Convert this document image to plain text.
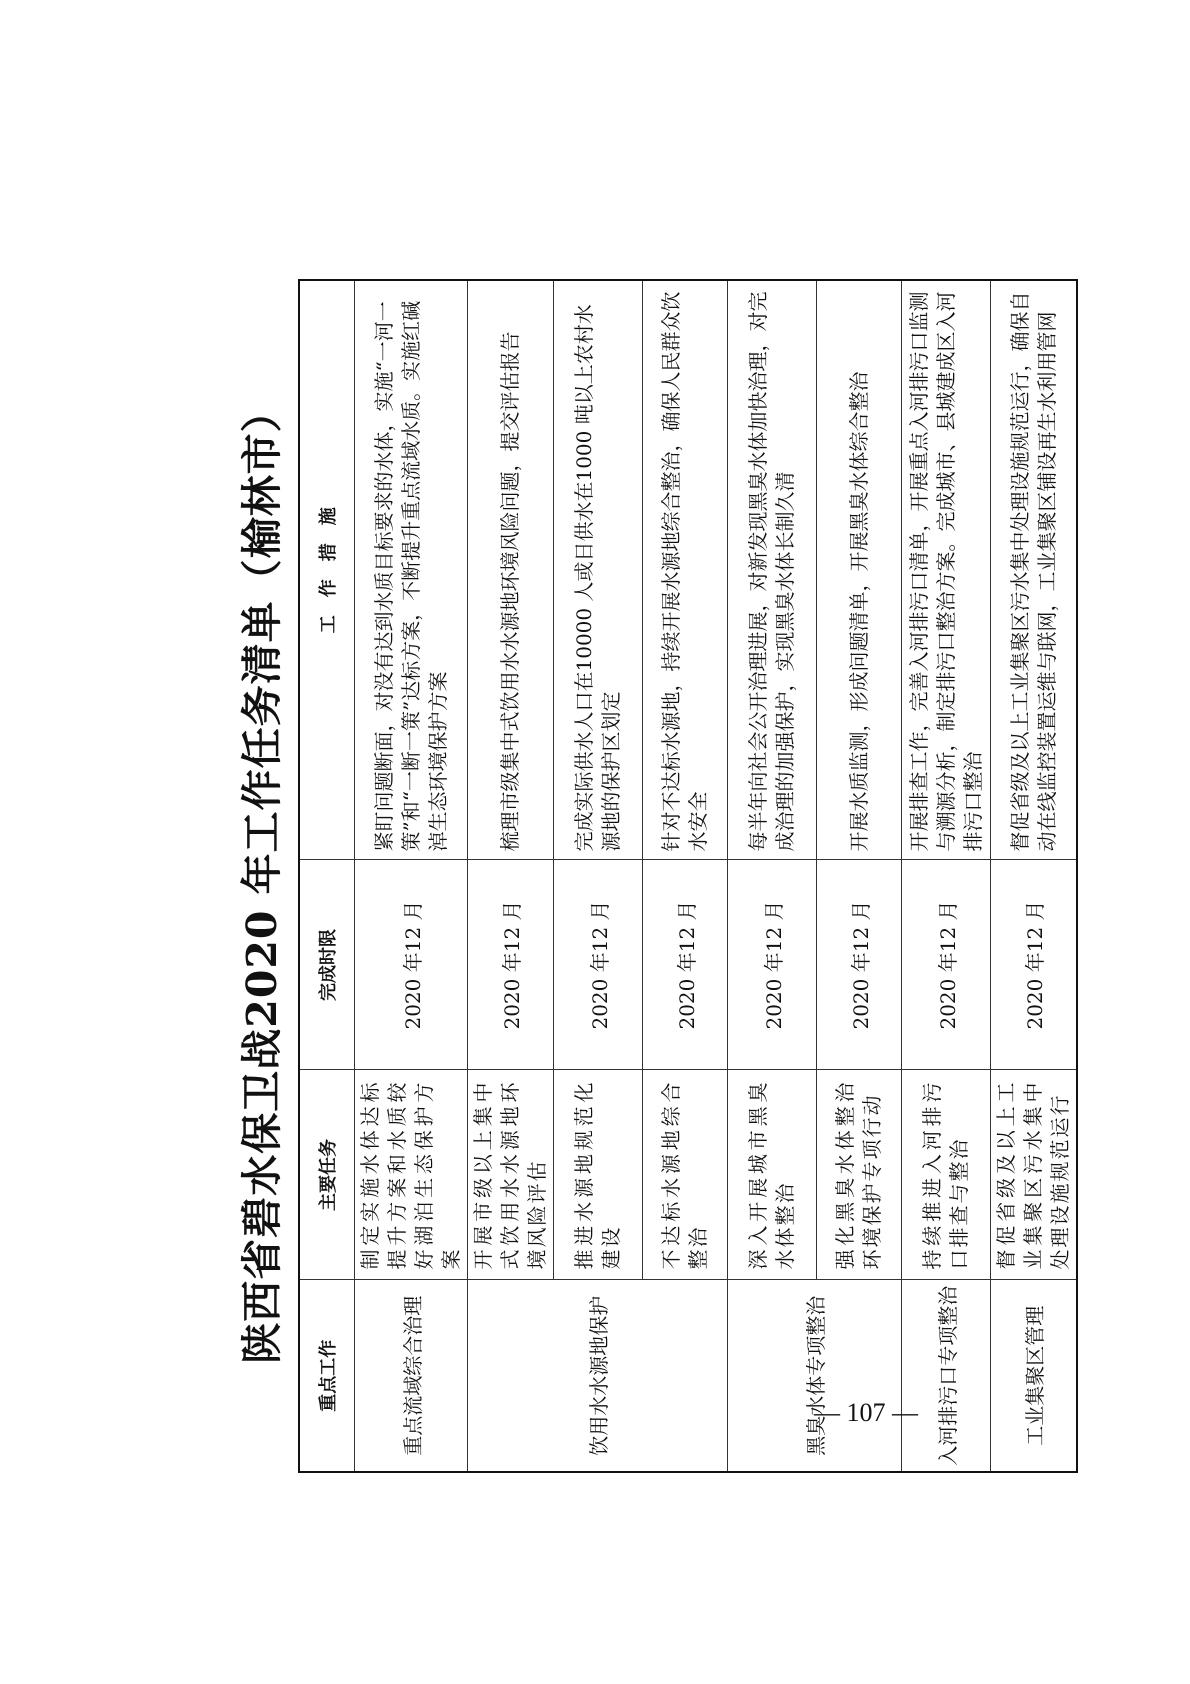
陕西省碧水保卫战2020 年工作任务清单（榆林市）
重点工作	主要任务	完成时限	工　作　措　施
重点流域综合治理	制定实施水体达标提升方案和水质较好湖泊生态保护方案	2020 年12 月	紧盯问题断面，对没有达到水质目标要求的水体，实施“一河一策”和“一断一策”达标方案，不断提升重点流域水质。实施红碱淖生态环境保护方案
饮用水水源地保护	开展市级以上集中式饮用水水源地环境风险评估	2020 年12 月	梳理市级集中式饮用水水源地环境风险问题，提交评估报告
	推进水源地规范化建设	2020 年12 月	完成实际供水人口在10000 人或日供水在1000 吨以上农村水源地的保护区划定
	不达标水源地综合整治	2020 年12 月	针对不达标水源地，持续开展水源地综合整治，确保人民群众饮水安全
黑臭水体专项整治	深入开展城市黑臭水体整治	2020 年12 月	每半年向社会公开治理进展，对新发现黑臭水体加快治理，对完成治理的加强保护，实现黑臭水体长制久清
	强化黑臭水体整治环境保护专项行动	2020 年12 月	开展水质监测，形成问题清单，开展黑臭水体综合整治
入河排污口专项整治	持续推进入河排污口排查与整治	2020 年12 月	开展排查工作，完善入河排污口清单，开展重点入河排污口监测与溯源分析，制定排污口整治方案。完成城市、县城建成区入河排污口整治
工业集聚区管理	督促省级及以上工业集聚区污水集中处理设施规范运行	2020 年12 月	督促省级及以上工业集聚区污水集中处理设施规范运行，确保自动在线监控装置运维与联网，工业集聚区铺设再生水利用管网
— 107 —
